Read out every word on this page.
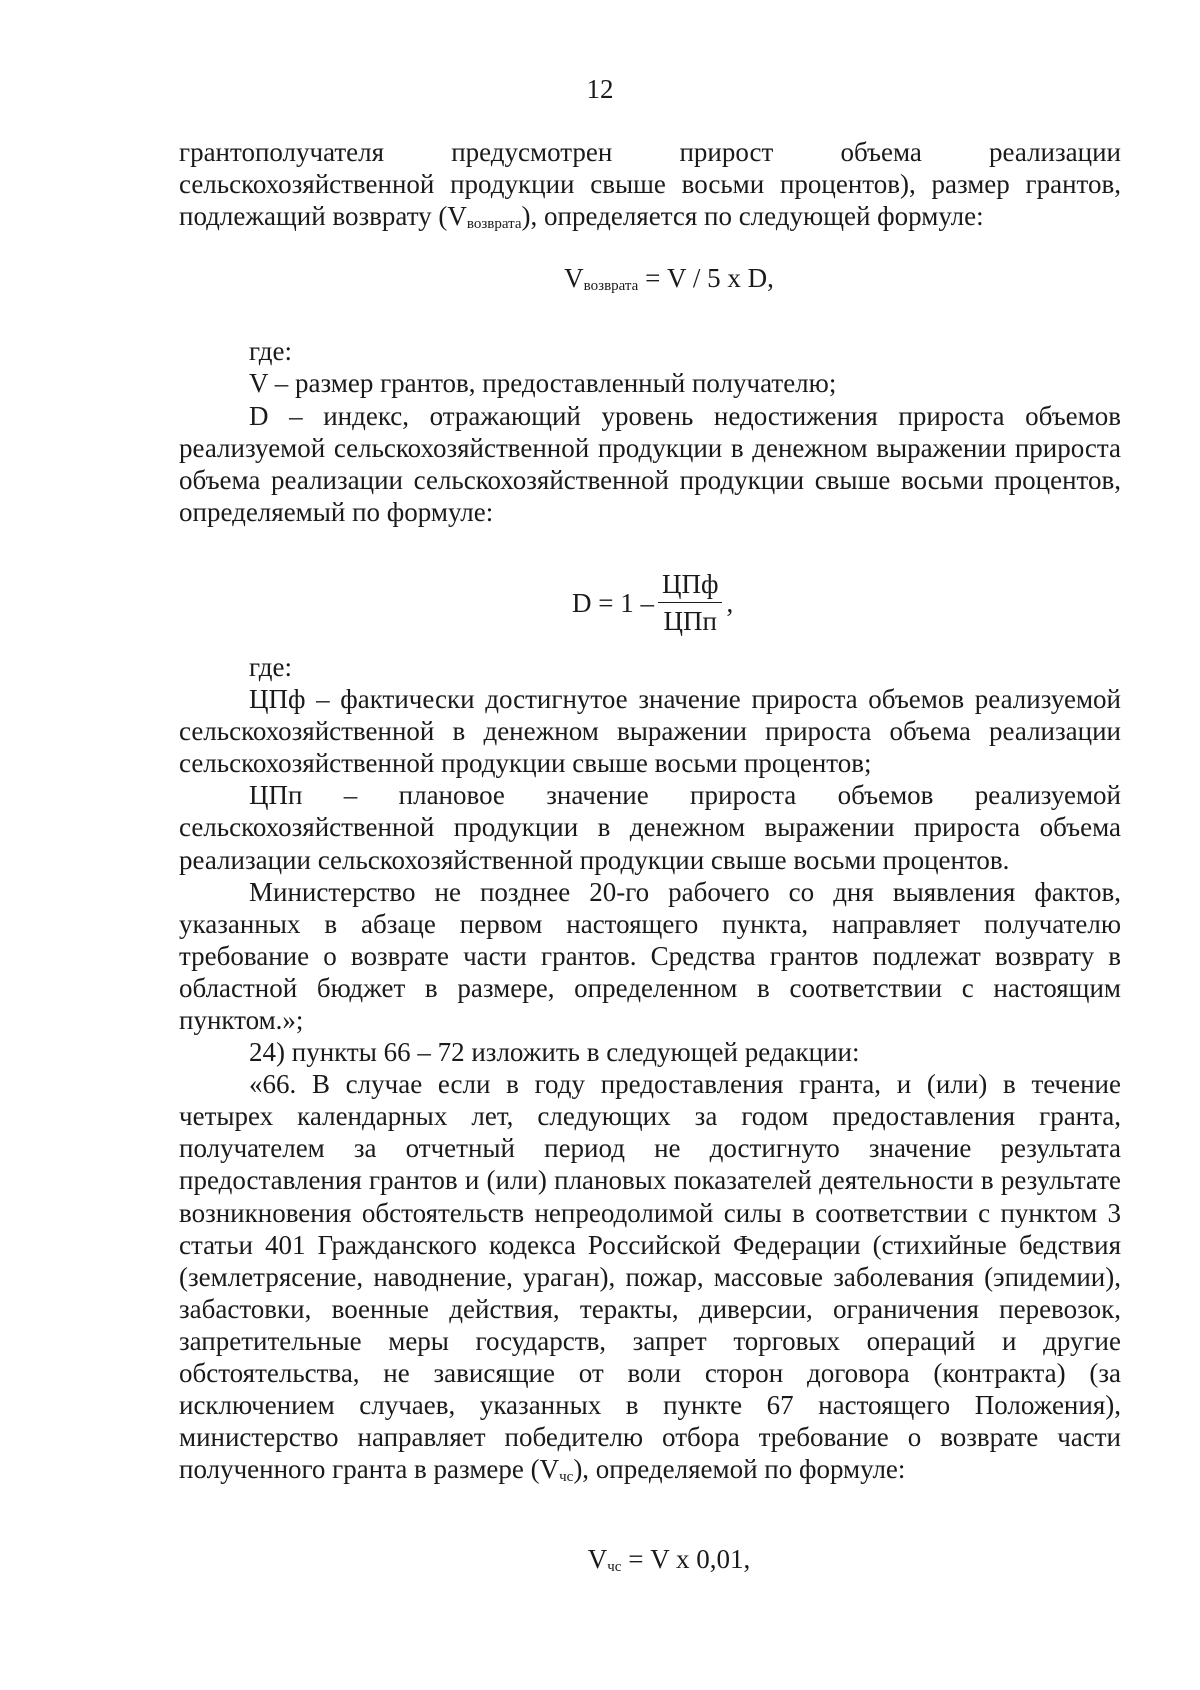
12

грантополучателя предусмотрен прирост объема реализации сельскохозяйственной продукции свыше восьми процентов), размер грантов, подлежащий возврату $(V_{возврата})$, определяется по следующей формуле:

$V_{возврата} = V / 5$ x D,

где:

V – размер грантов, предоставленный получателю;

D – индекс, отражающий уровень недостижения прироста объемов реализуемой сельскохозяйственной продукции в денежном выражении прироста объема реализации сельскохозяйственной продукции свыше восьми процентов, определяемый по формуле:

$D = 1 - \frac{\text{ЦПф}}{\text{ЦПп}}$ ,

где:

ЦПф – фактически достигнутое значение прироста объемов реализуемой сельскохозяйственной в денежном выражении прироста объема реализации сельскохозяйственной продукции свыше восьми процентов;

ЦПп – плановое значение прироста объемов реализуемой сельскохозяйственной продукции в денежном выражении прироста объема реализации сельскохозяйственной продукции свыше восьми процентов.

Министерство не позднее 20-го рабочего со дня выявления фактов, указанных в абзаце первом настоящего пункта, направляет получателю требование о возврате части грантов. Средства грантов подлежат возврату в областной бюджет в размере, определенном в соответствии с настоящим пунктом.»;

24) пункты 66 – 72 изложить в следующей редакции:

«66. В случае если в году предоставления гранта, и (или) в течение четырех календарных лет, следующих за годом предоставления гранта, получателем за отчетный период не достигнуто значение результата предоставления грантов и (или) плановых показателей деятельности в результате возникновения обстоятельств непреодолимой силы в соответствии с пунктом 3 статьи 401 Гражданского кодекса Российской Федерации (стихийные бедствия (землетрясение, наводнение, ураган), пожар, массовые заболевания (эпидемии), забастовки, военные действия, теракты, диверсии, ограничения перевозок, запретительные меры государств, запрет торговых операций и другие обстоятельства, не зависящие от воли сторон договора (контракта) (за исключением случаев, указанных в пункте 67 настоящего Положения), министерство направляет победителю отбора требование о возврате части полученного гранта в размере $(V_{чс})$, определяемой по формуле:

$V_{чс} = V$ x 0,01,
